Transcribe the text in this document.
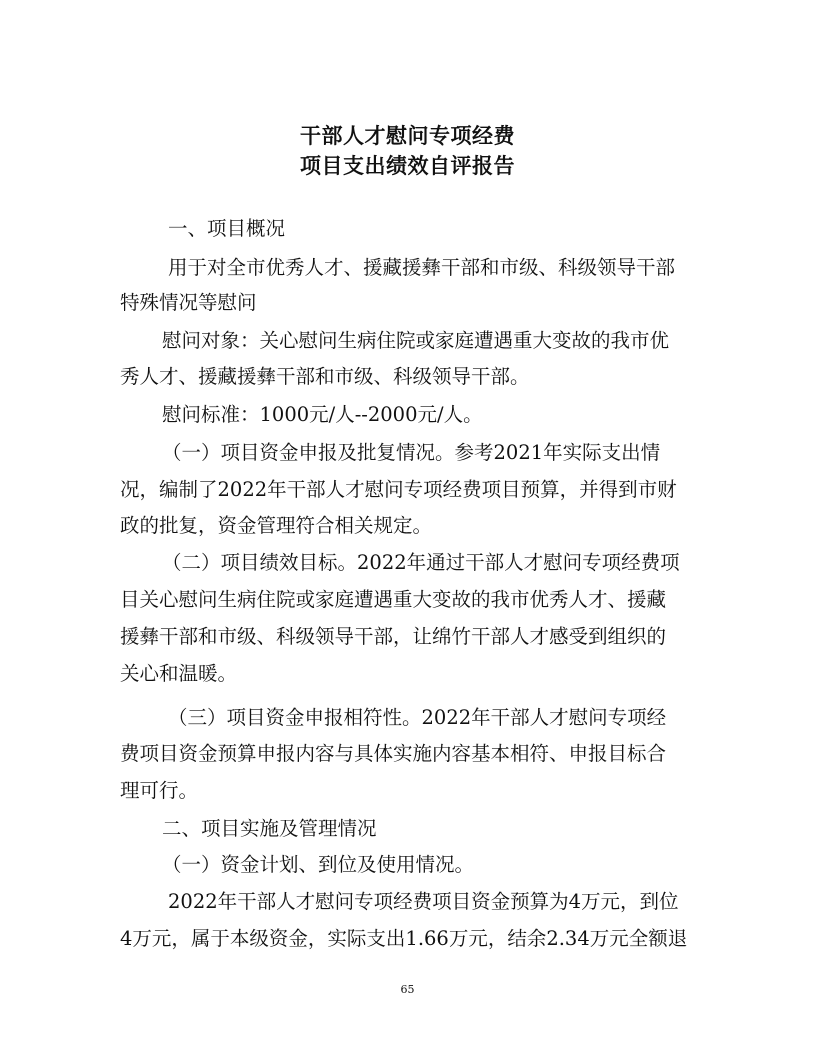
干部人才慰问专项经费
项目支出绩效自评报告
一、项目概况
用于对全市优秀人才、援藏援彝干部和市级、科级领导干部
特殊情况等慰问
慰问对象：关心慰问生病住院或家庭遭遇重大变故的我市优
秀人才、援藏援彝干部和市级、科级领导干部。
慰问标准：1000元/人--2000元/人。
（一）项目资金申报及批复情况。参考2021年实际支出情
况，编制了2022年干部人才慰问专项经费项目预算，并得到市财
政的批复，资金管理符合相关规定。
（二）项目绩效目标。2022年通过干部人才慰问专项经费项
目关心慰问生病住院或家庭遭遇重大变故的我市优秀人才、援藏
援彝干部和市级、科级领导干部，让绵竹干部人才感受到组织的
关心和温暖。
（三）项目资金申报相符性。2022年干部人才慰问专项经
费项目资金预算申报内容与具体实施内容基本相符、申报目标合
理可行。
二、项目实施及管理情况
（一）资金计划、到位及使用情况。
2022年干部人才慰问专项经费项目资金预算为4万元，到位
4万元，属于本级资金，实际支出1.66万元，结余2.34万元全额退
65
